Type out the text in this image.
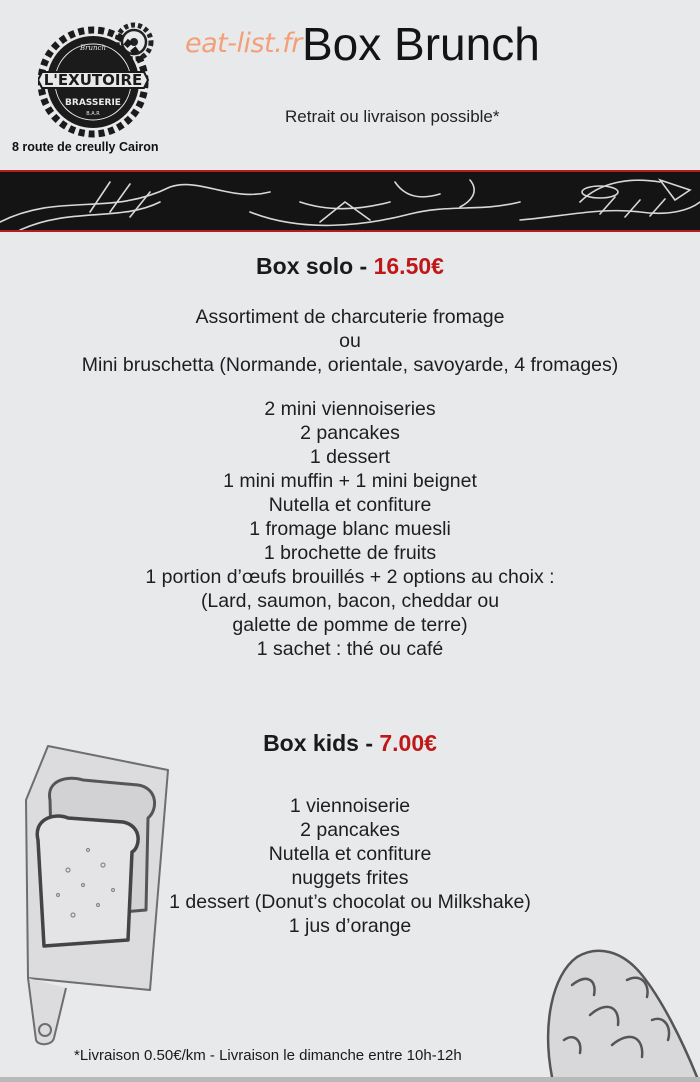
Brunch
L'EXUTOIRE
BRASSERIE
B.A.R
8 route de creully Cairon
eat-list.fr Box Brunch
Retrait ou livraison possible*
Box solo - 16.50€
Assortiment de charcuterie fromage
ou
Mini bruschetta (Normande, orientale, savoyarde, 4 fromages)
2 mini viennoiseries
2 pancakes
1 dessert
1 mini muffin + 1 mini beignet
Nutella et confiture
1 fromage blanc muesli
1 brochette de fruits
1 portion d’œufs brouillés + 2 options au choix :
(Lard, saumon, bacon, cheddar ou
galette de pomme de terre)
1 sachet : thé ou café
Box kids - 7.00€
1 viennoiserie
2 pancakes
Nutella et confiture
nuggets frites
1 dessert (Donut’s chocolat ou Milkshake)
1 jus d’orange
*Livraison 0.50€/km - Livraison le dimanche entre 10h-12h
